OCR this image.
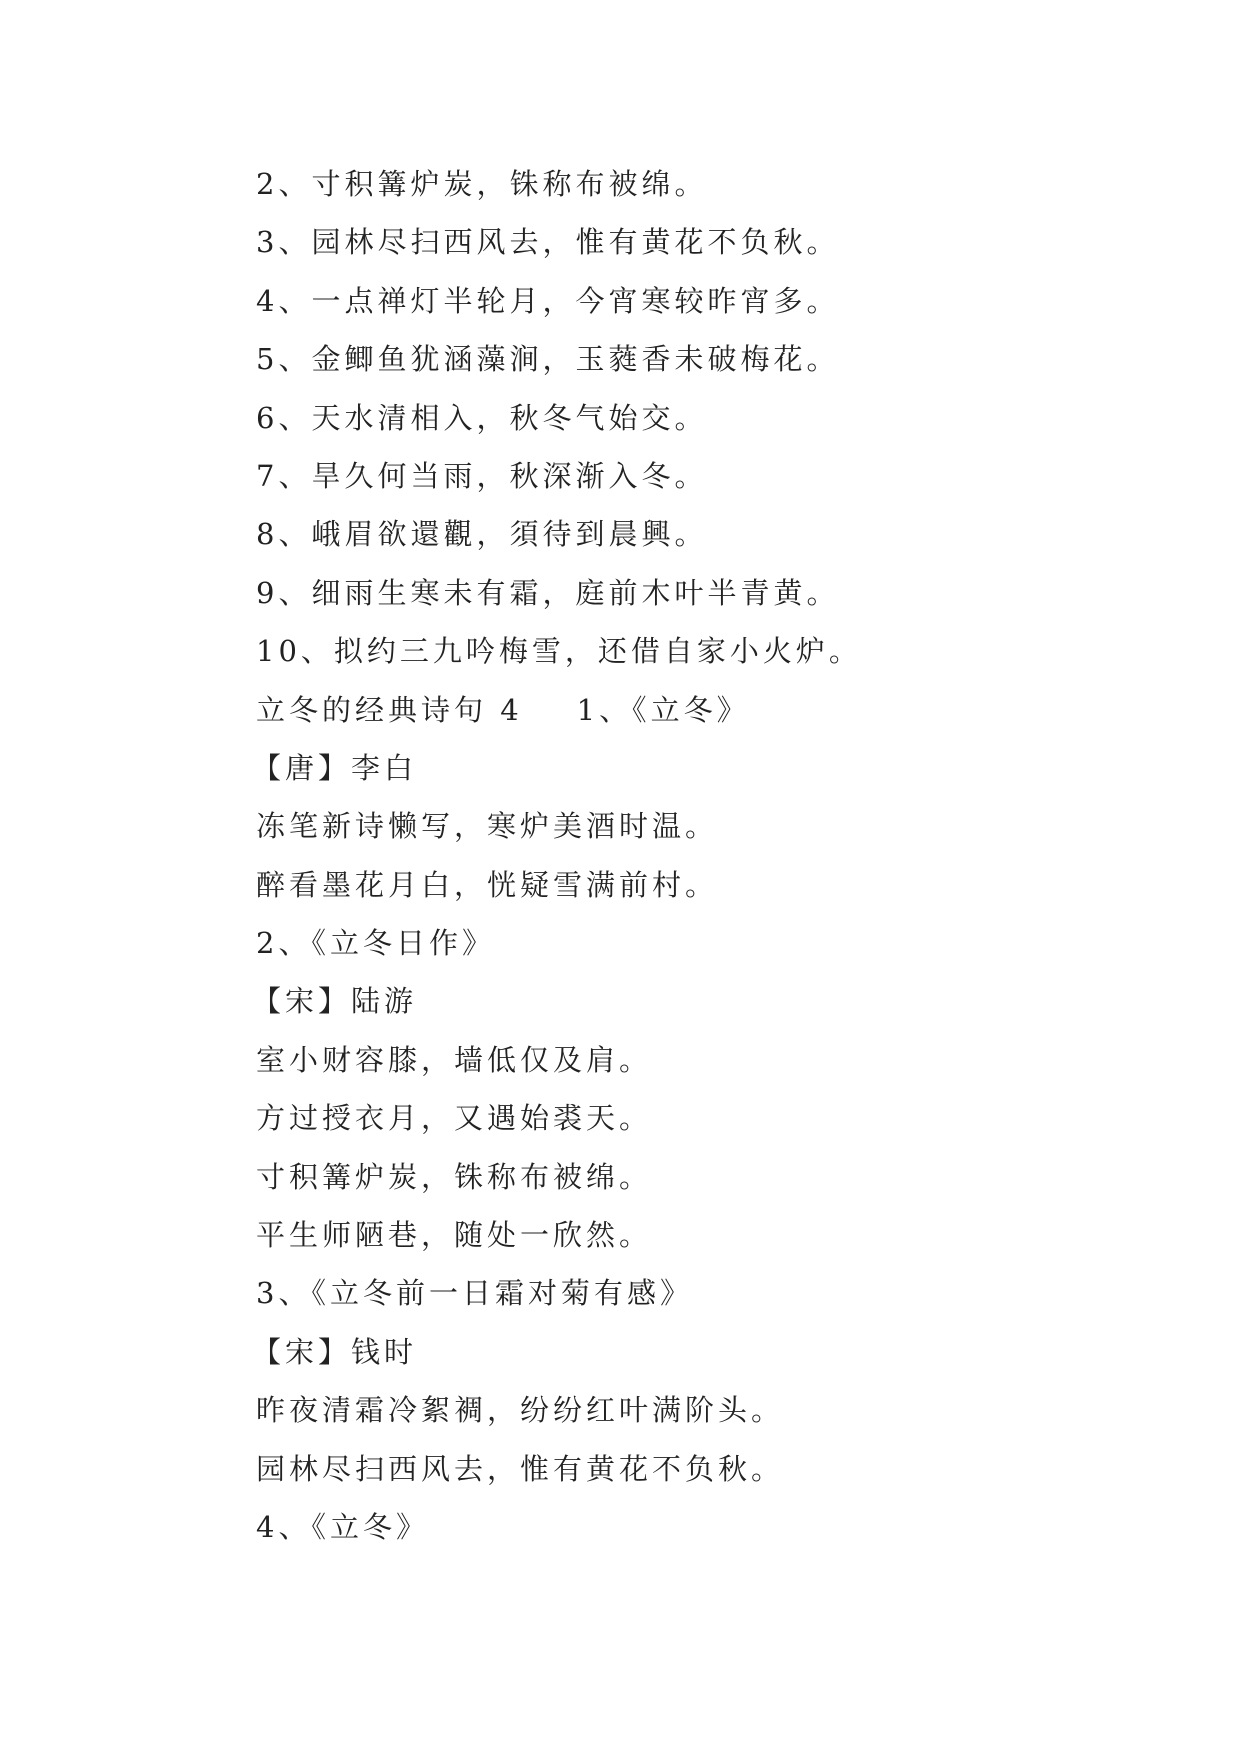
2、寸积篝炉炭，铢称布被绵。
3、园林尽扫西风去，惟有黄花不负秋。
4、一点禅灯半轮月，今宵寒较昨宵多。
5、金鲫鱼犹涵藻涧，玉蕤香未破梅花。
6、天水清相入，秋冬气始交。
7、旱久何当雨，秋深渐入冬。
8、峨眉欲還觀，須待到晨興。
9、细雨生寒未有霜，庭前木叶半青黄。
10、拟约三九吟梅雪，还借自家小火炉。
立冬的经典诗句 4 1、《立冬》
【唐】李白
冻笔新诗懒写，寒炉美酒时温。
醉看墨花月白，恍疑雪满前村。
2、《立冬日作》
【宋】陆游
室小财容膝，墙低仅及肩。
方过授衣月，又遇始裘天。
寸积篝炉炭，铢称布被绵。
平生师陋巷，随处一欣然。
3、《立冬前一日霜对菊有感》
【宋】钱时
昨夜清霜冷絮裯，纷纷红叶满阶头。
园林尽扫西风去，惟有黄花不负秋。
4、《立冬》
